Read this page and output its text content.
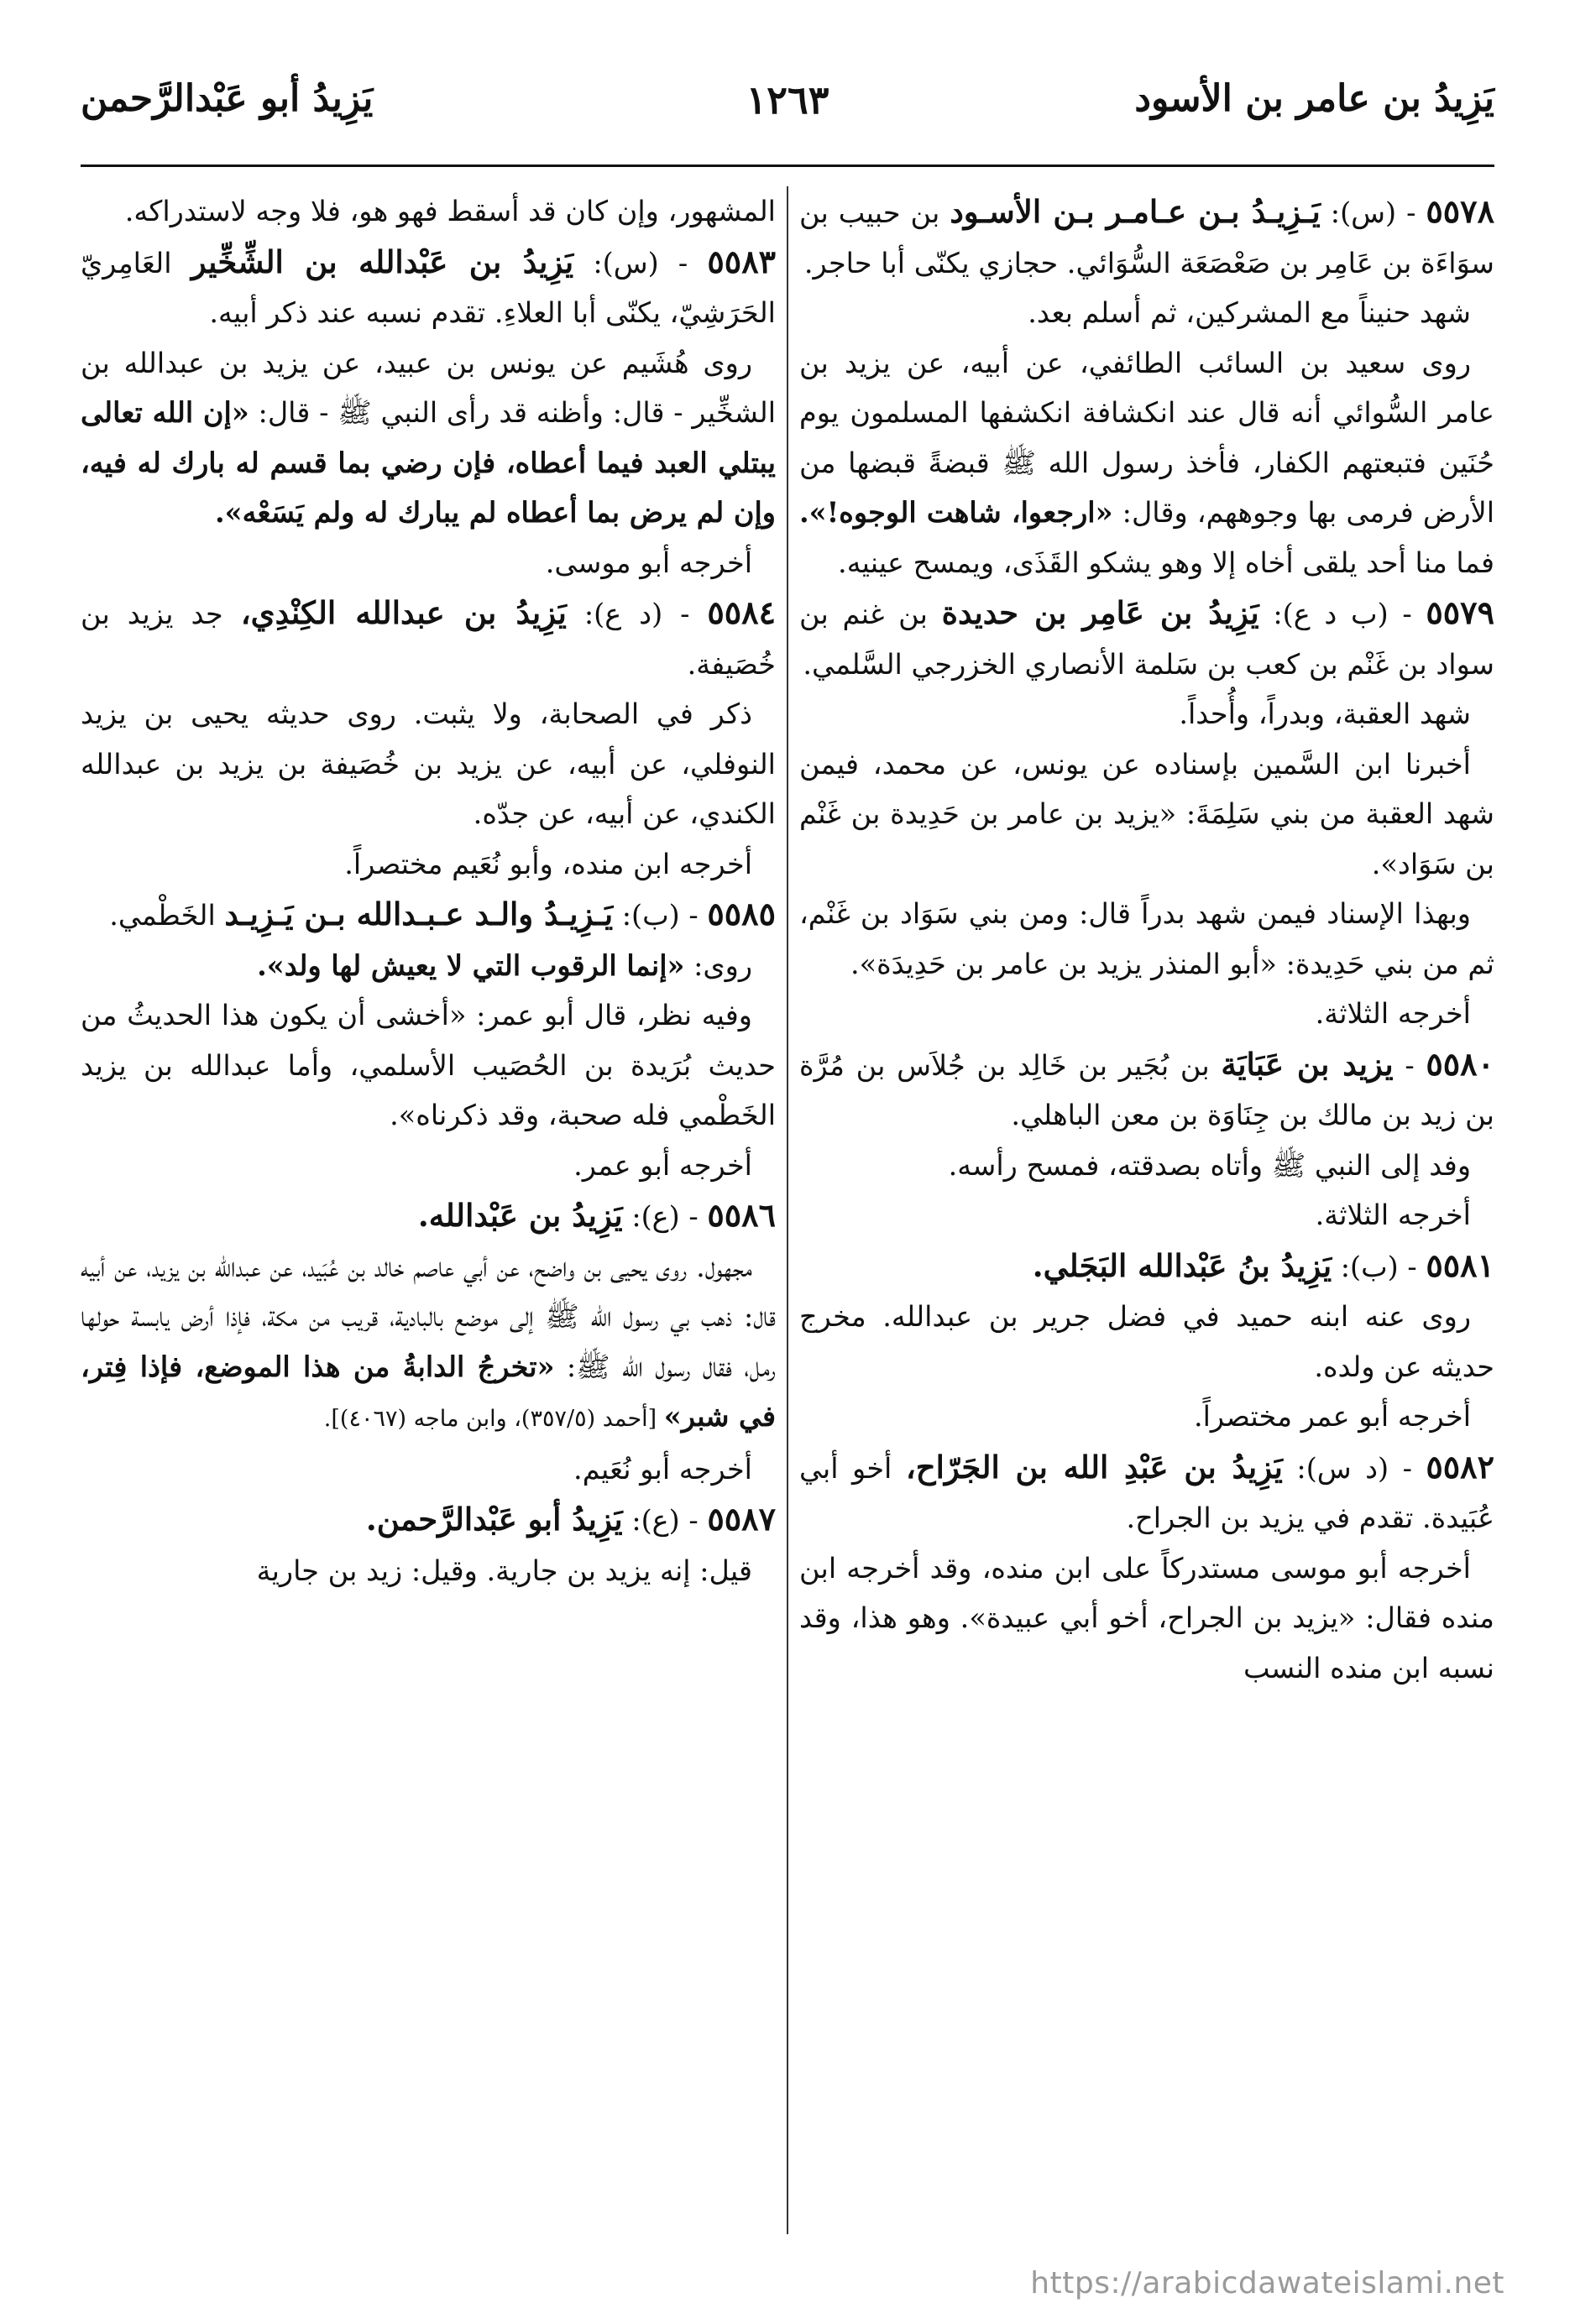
يَزِيدُ بن عامر بن الأسود
١٢٦٣
يَزِيدُ أبو عَبْدالرَّحمن

٥٥٧٨ - (س): يَـزِيـدُ بـن عـامـر بـن الأسـود بن حبيب بن سوَاءَة بن عَامِر بن صَعْصَعَة السُّوَائي. حجازي يكنّى أبا حاجر.

شهد حنيناً مع المشركين، ثم أسلم بعد.

روى سعيد بن السائب الطائفي، عن أبيه، عن يزيد بن عامر السُّوائي أنه قال عند انكشافة انكشفها المسلمون يوم حُنَين فتبعتهم الكفار، فأخذ رسول الله ﷺ قبضةً قبضها من الأرض فرمى بها وجوههم، وقال: «ارجعوا، شاهت الوجوه!». فما منا أحد يلقى أخاه إلا وهو يشكو القَذَى، ويمسح عينيه.

٥٥٧٩ - (ب د ع): يَزِيدُ بن عَامِر بن حديدة بن غنم بن سواد بن غَنْم بن كعب بن سَلمة الأنصاري الخزرجي السَّلمي.

شهد العقبة، وبدراً، وأُحداً.

أخبرنا ابن السَّمين بإسناده عن يونس، عن محمد، فيمن شهد العقبة من بني سَلِمَةَ: «يزيد بن عامر بن حَدِيدة بن غَنْم بن سَوَاد».

وبهذا الإسناد فيمن شهد بدراً قال: ومن بني سَوَاد بن غَنْم، ثم من بني حَدِيدة: «أبو المنذر يزيد بن عامر بن حَدِيدَة».

أخرجه الثلاثة.

٥٥٨٠ - يزيد بن عَبَايَة بن بُجَير بن خَالِد بن جُلاَس بن مُرَّة بن زيد بن مالك بن جِنَاوَة بن معن الباهلي.

وفد إلى النبي ﷺ وأتاه بصدقته، فمسح رأسه.

أخرجه الثلاثة.

٥٥٨١ - (ب): يَزِيدُ بنُ عَبْدالله البَجَلي.

روى عنه ابنه حميد في فضل جرير بن عبدالله. مخرج حديثه عن ولده.

أخرجه أبو عمر مختصراً.

٥٥٨٢ - (د س): يَزِيدُ بن عَبْدِ الله بن الجَرّاح، أخو أبي عُبَيدة. تقدم في يزيد بن الجراح.

أخرجه أبو موسى مستدركاً على ابن منده، وقد أخرجه ابن منده فقال: «يزيد بن الجراح، أخو أبي عبيدة». وهو هذا، وقد نسبه ابن منده النسب

المشهور، وإن كان قد أسقط فهو هو، فلا وجه لاستدراكه.

٥٥٨٣ - (س): يَزِيدُ بن عَبْدالله بن الشِّخِّير العَامِريّ الحَرَشِيّ، يكنّى أبا العلاءِ. تقدم نسبه عند ذكر أبيه.

روى هُشَيم عن يونس بن عبيد، عن يزيد بن عبدالله بن الشخِّير - قال: وأظنه قد رأى النبي ﷺ - قال: «إن الله تعالى يبتلي العبد فيما أعطاه، فإن رضي بما قسم له بارك له فيه، وإن لم يرض بما أعطاه لم يبارك له ولم يَسَعْه».

أخرجه أبو موسى.

٥٥٨٤ - (د ع): يَزِيدُ بن عبدالله الكِنْدِي، جد يزيد بن خُصَيفة.

ذكر في الصحابة، ولا يثبت. روى حديثه يحيى بن يزيد النوفلي، عن أبيه، عن يزيد بن خُصَيفة بن يزيد بن عبدالله الكندي، عن أبيه، عن جدّه.

أخرجه ابن منده، وأبو نُعَيم مختصراً.

٥٥٨٥ - (ب): يَـزِيـدُ والـد عـبـدالله بـن يَـزِيـد الخَطْمي.

روى: «إنما الرقوب التي لا يعيش لها ولد».

وفيه نظر، قال أبو عمر: «أخشى أن يكون هذا الحديثُ من حديث بُرَيدة بن الحُصَيب الأسلمي، وأما عبدالله بن يزيد الخَطْمي فله صحبة، وقد ذكرناه».

أخرجه أبو عمر.

٥٥٨٦ - (ع): يَزِيدُ بن عَبْدالله.

مجهول. روى يحيى بن واضح، عن أبي عاصم خالد بن عُبَيد، عن عبدالله بن يزيد، عن أبيه قال: ذهب بي رسول الله ﷺ إلى موضع بالبادية، قريب من مكة، فإذا أرض يابسة حولها رمل، فقال رسول الله ﷺ: «تخرجُ الدابةُ من هذا الموضع، فإذا فِتر، في شبر» [أحمد (٣٥٧/٥)، وابن ماجه (٤٠٦٧)].

أخرجه أبو نُعَيم.

٥٥٨٧ - (ع): يَزِيدُ أبو عَبْدالرَّحمن.

قيل: إنه يزيد بن جارية. وقيل: زيد بن جارية

https://arabicdawateislami.net
